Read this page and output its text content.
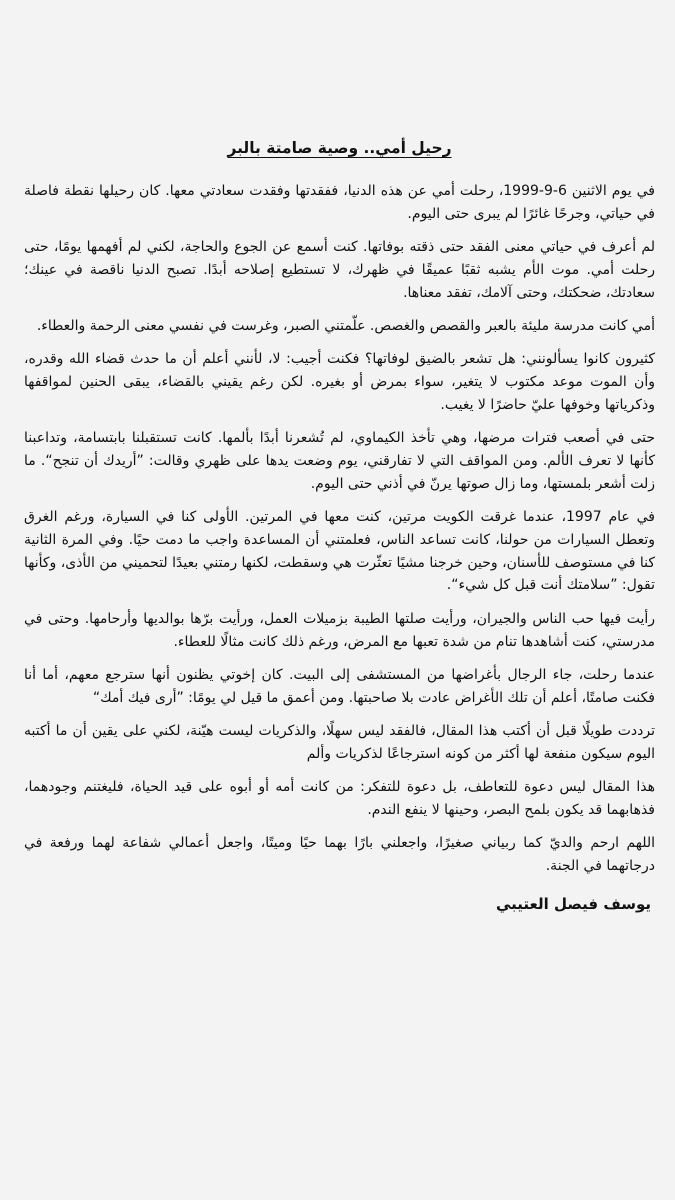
رحيل أمي.. وصية صامتة بالبر

في يوم الاثنين 6-9-1999، رحلت أمي عن هذه الدنيا، ففقدتها وفقدت سعادتي معها. كان رحيلها نقطة فاصلة في حياتي، وجرحًا غائرًا لم يبرى حتى اليوم.

لم أعرف في حياتي معنى الفقد حتى ذقته بوفاتها. كنت أسمع عن الجوع والحاجة، لكني لم أفهمها يومًا، حتى رحلت أمي. موت الأم يشبه ثقبًا عميقًا في ظهرك، لا تستطيع إصلاحه أبدًا. تصبح الدنيا ناقصة في عينك؛ سعادتك، ضحكتك، وحتى آلامك، تفقد معناها.

أمي كانت مدرسة مليئة بالعبر والقصص والغصص. علّمتني الصبر، وغرست في نفسي معنى الرحمة والعطاء.

كثيرون كانوا يسألونني: هل تشعر بالضيق لوفاتها؟ فكنت أجيب: لا، لأنني أعلم أن ما حدث قضاء الله وقدره، وأن الموت موعد مكتوب لا يتغير، سواء بمرض أو بغيره. لكن رغم يقيني بالقضاء، يبقى الحنين لمواقفها وذكرياتها وخوفها عليّ حاضرًا لا يغيب.

حتى في أصعب فترات مرضها، وهي تأخذ الكيماوي، لم تُشعرنا أبدًا بألمها. كانت تستقبلنا بابتسامة، وتداعبنا كأنها لا تعرف الألم. ومن المواقف التي لا تفارقني، يوم وضعت يدها على ظهري وقالت: ”أريدك أن تنجح“. ما زلت أشعر بلمستها، وما زال صوتها يرنّ في أذني حتى اليوم.

في عام 1997، عندما غرقت الكويت مرتين، كنت معها في المرتين. الأولى كنا في السيارة، ورغم الغرق وتعطل السيارات من حولنا، كانت تساعد الناس، فعلمتني أن المساعدة واجب ما دمت حيًا. وفي المرة الثانية كنا في مستوصف للأسنان، وحين خرجنا مشيًا تعثّرت هي وسقطت، لكنها رمتني بعيدًا لتحميني من الأذى، وكأنها تقول: ”سلامتك أنت قبل كل شيء“.

رأيت فيها حب الناس والجيران، ورأيت صلتها الطيبة بزميلات العمل، ورأيت برّها بوالديها وأرحامها. وحتى في مدرستي، كنت أشاهدها تنام من شدة تعبها مع المرض، ورغم ذلك كانت مثالًا للعطاء.

عندما رحلت، جاء الرجال بأغراضها من المستشفى إلى البيت. كان إخوتي يظنون أنها سترجع معهم، أما أنا فكنت صامتًا، أعلم أن تلك الأغراض عادت بلا صاحبتها. ومن أعمق ما قيل لي يومًا: ”أرى فيك أمك“

ترددت طويلًا قبل أن أكتب هذا المقال، فالفقد ليس سهلًا، والذكريات ليست هيّنة، لكني على يقين أن ما أكتبه اليوم سيكون منفعة لها أكثر من كونه استرجاعًا لذكريات وألم

هذا المقال ليس دعوة للتعاطف، بل دعوة للتفكر: من كانت أمه أو أبوه على قيد الحياة، فليغتنم وجودهما، فذهابهما قد يكون بلمح البصر، وحينها لا ينفع الندم.

اللهم ارحم والديّ كما ربياني صغيرًا، واجعلني بارًا بهما حيًا وميتًا، واجعل أعمالي شفاعة لهما ورفعة في درجاتهما في الجنة.

يوسف فيصل العتيبي
